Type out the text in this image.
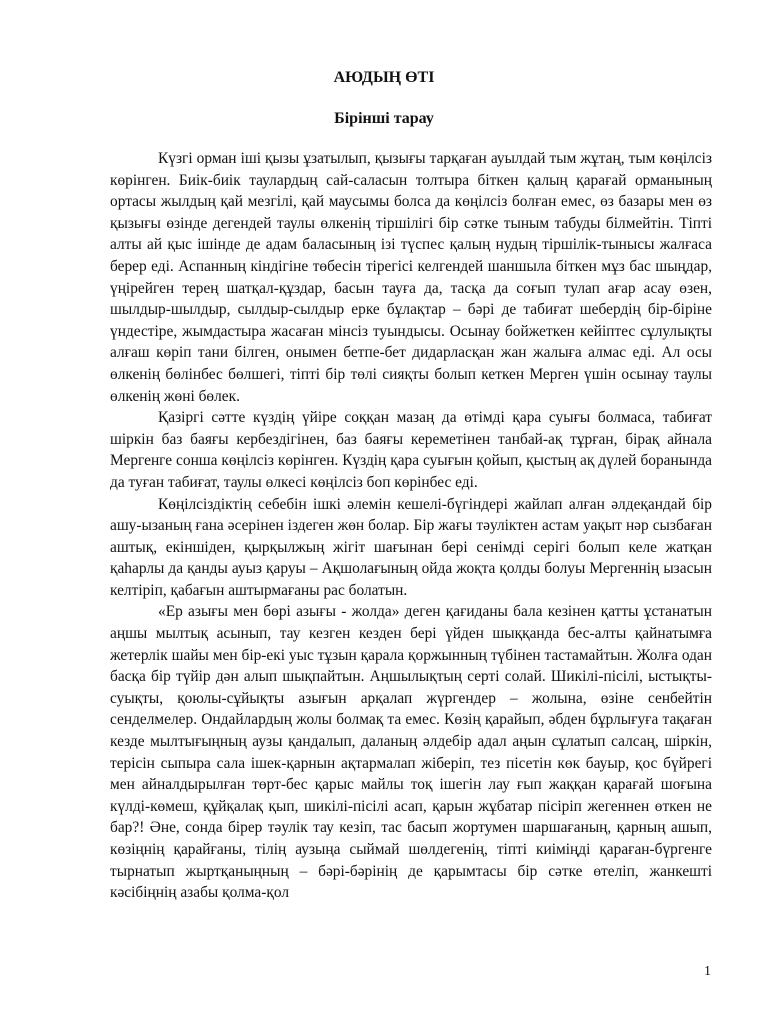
АЮДЫҢ ӨТІ
Бірінші тарау

Күзгі орман іші қызы ұзатылып, қызығы тарқаған ауылдай тым жұтаң, тым көңілсіз көрінген. Биік-биік таулардың сай-саласын толтыра біткен қалың қарағай орманының ортасы жылдың қай мезгілі, қай маусымы болса да көңілсіз болған емес, өз базары мен өз қызығы өзінде дегендей таулы өлкенің тіршілігі бір сәтке тыным табуды білмейтін. Тіпті алты ай қыс ішінде де адам баласының ізі түспес қалың нудың тіршілік-тынысы жалғаса берер еді. Аспанның кіндігіне төбесін тірегісі келгендей шаншыла біткен мұз бас шыңдар, үңірейген терең шатқал-құздар, басын тауға да, тасқа да соғып тулап ағар асау өзен, шылдыр-шылдыр, сылдыр-сылдыр ерке бұлақтар – бәрі де табиғат шебердің бір-біріне үндестіре, жымдастыра жасаған мінсіз туындысы. Осынау бойжеткен кейіптес сұлулықты алғаш көріп тани білген, онымен бетпе-бет дидарласқан жан жалыға алмас еді. Ал осы өлкенің бөлінбес бөлшегі, тіпті бір төлі сияқты болып кеткен Мерген үшін осынау таулы өлкенің жөні бөлек.

Қазіргі сәтте күздің үйіре соққан мазаң да өтімді қара суығы болмаса, табиғат шіркін баз баяғы кербездігінен, баз баяғы кереметінен танбай-ақ тұрған, бірақ айнала Мергенге сонша көңілсіз көрінген. Күздің қара суығын қойып, қыстың ақ дүлей боранында да туған табиғат, таулы өлкесі көңілсіз боп көрінбес еді.

Көңілсіздіктің себебін ішкі әлемін кешелі-бүгіндері жайлап алған әлдеқандай бір ашу-ызаның ғана әсерінен іздеген жөн болар. Бір жағы тәуліктен астам уақыт нәр сызбаған аштық, екіншіден, қырқылжың жігіт шағынан бері сенімді серігі болып келе жатқан қаһарлы да қанды ауыз қаруы – Ақшолағының ойда жоқта қолды болуы Мергеннің ызасын келтіріп, қабағын аштырмағаны рас болатын.

«Ер азығы мен бөрі азығы - жолда» деген қағиданы бала кезінен қатты ұстанатын аңшы мылтық асынып, тау кезген кезден бері үйден шыққанда бес-алты қайнатымға жетерлік шайы мен бір-екі уыс тұзын қарала қоржынның түбінен тастамайтын. Жолға одан басқа бір түйір дән алып шықпайтын. Аңшылықтың серті солай. Шикілі-пісілі, ыстықты-суықты, қоюлы-сұйықты азығын арқалап жүргендер – жолына, өзіне сенбейтін сенделмелер. Ондайлардың жолы болмақ та емес. Көзің қарайып, әбден бұрлығуға тақаған кезде мылтығыңның аузы қандалып, даланың әлдебір адал аңын сұлатып салсаң, шіркін, терісін сыпыра сала ішек-қарнын ақтармалап жіберіп, тез пісетін көк бауыр, қос бүйрегі мен айналдырылған төрт-бес қарыс майлы тоқ ішегін лау ғып жаққан қарағай шоғына күлді-көмеш, құйқалақ қып, шикілі-пісілі асап, қарын жұбатар пісіріп жегеннен өткен не бар?! Әне, сонда бірер тәулік тау кезіп, тас басып жортумен шаршағаның, қарның ашып, көзіңнің қарайғаны, тілің аузыңа сыймай шөлдегенің, тіпті киіміңді қараған-бүргенге тырнатып жыртқаныңның – бәрі-бәрінің де қарымтасы бір сәтке өтеліп, жанкешті кәсібіңнің азабы қолма-қол

1
